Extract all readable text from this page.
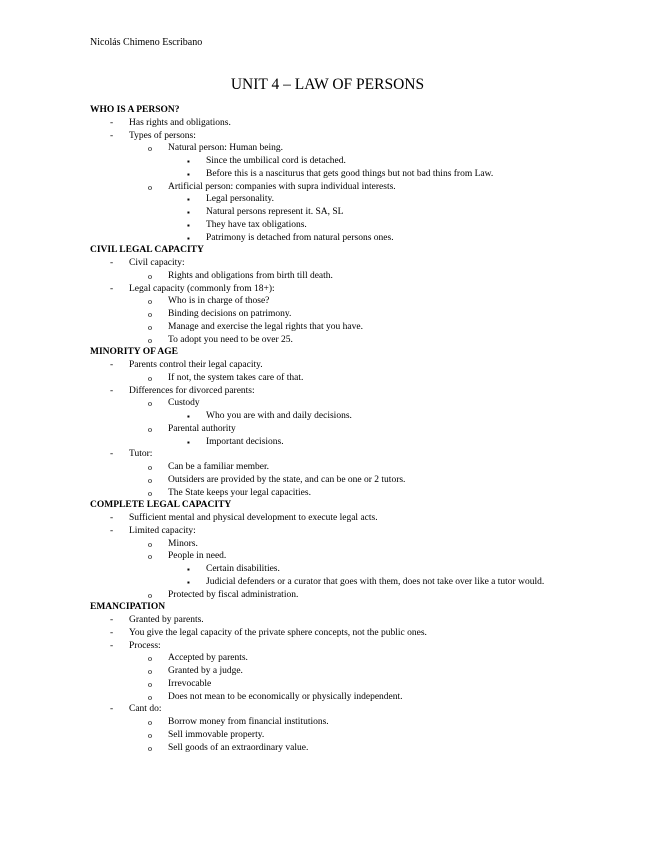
Nicolás Chimeno Escribano
UNIT 4 – LAW OF PERSONS
WHO IS A PERSON?
- Has rights and obligations.
- Types of persons:
o Natural person: Human being.
▪ Since the umbilical cord is detached.
▪ Before this is a nasciturus that gets good things but not bad thins from Law.
o Artificial person: companies with supra individual interests.
▪ Legal personality.
▪ Natural persons represent it. SA, SL
▪ They have tax obligations.
▪ Patrimony is detached from natural persons ones.
CIVIL LEGAL CAPACITY
- Civil capacity:
o Rights and obligations from birth till death.
- Legal capacity (commonly from 18+):
o Who is in charge of those?
o Binding decisions on patrimony.
o Manage and exercise the legal rights that you have.
o To adopt you need to be over 25.
MINORITY OF AGE
- Parents control their legal capacity.
o If not, the system takes care of that.
- Differences for divorced parents:
o Custody
▪ Who you are with and daily decisions.
o Parental authority
▪ Important decisions.
- Tutor:
o Can be a familiar member.
o Outsiders are provided by the state, and can be one or 2 tutors.
o The State keeps your legal capacities.
COMPLETE LEGAL CAPACITY
- Sufficient mental and physical development to execute legal acts.
- Limited capacity:
o Minors.
o People in need.
▪ Certain disabilities.
▪ Judicial defenders or a curator that goes with them, does not take over like a tutor would.
o Protected by fiscal administration.
EMANCIPATION
- Granted by parents.
- You give the legal capacity of the private sphere concepts, not the public ones.
- Process:
o Accepted by parents.
o Granted by a judge.
o Irrevocable
o Does not mean to be economically or physically independent.
- Cant do:
o Borrow money from financial institutions.
o Sell immovable property.
o Sell goods of an extraordinary value.
